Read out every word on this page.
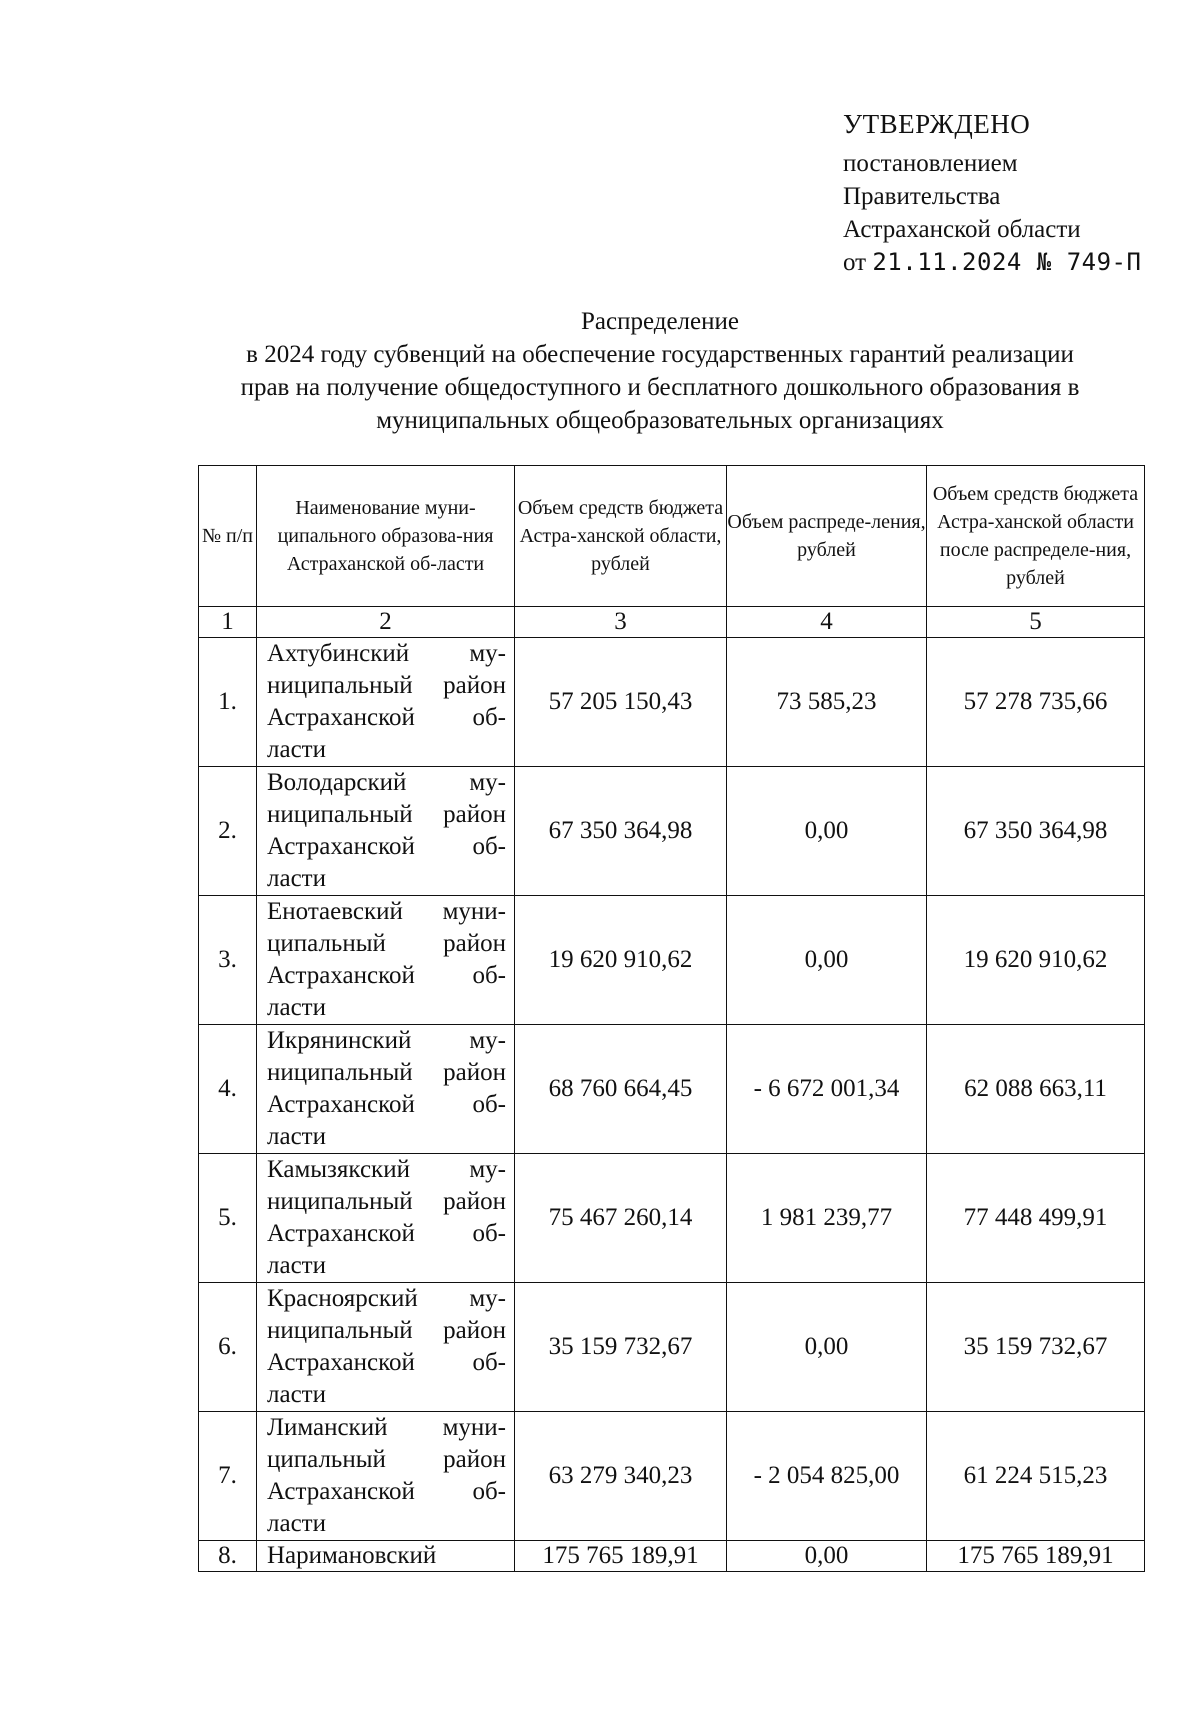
УТВЕРЖДЕНО
постановлением
Правительства
Астраханской области
от 21.11.2024 № 749-П
Распределение
в 2024 году субвенций на обеспечение государственных гарантий реализации
прав на получение общедоступного и бесплатного дошкольного образования в
муниципальных общеобразовательных организациях
№ п/п	Наименование муни-ципального образова-ния Астраханской об-ласти	Объем средств бюджета Астра-ханской области, рублей	Объем распреде-ления, рублей	Объем средств бюджета Астра-ханской области после распределе-ния, рублей
1	2	3	4	5
1.	Ахтубинский му-ниципальный район Астраханской об-ласти	57 205 150,43	73 585,23	57 278 735,66
2.	Володарский му-ниципальный район Астраханской об-ласти	67 350 364,98	0,00	67 350 364,98
3.	Енотаевский муни-ципальный район Астраханской об-ласти	19 620 910,62	0,00	19 620 910,62
4.	Икрянинский му-ниципальный район Астраханской об-ласти	68 760 664,45	- 6 672 001,34	62 088 663,11
5.	Камызякский му-ниципальный район Астраханской об-ласти	75 467 260,14	1 981 239,77	77 448 499,91
6.	Красноярский му-ниципальный район Астраханской об-ласти	35 159 732,67	0,00	35 159 732,67
7.	Лиманский муни-ципальный район Астраханской об-ласти	63 279 340,23	- 2 054 825,00	61 224 515,23
8.	Наримановский	175 765 189,91	0,00	175 765 189,91
